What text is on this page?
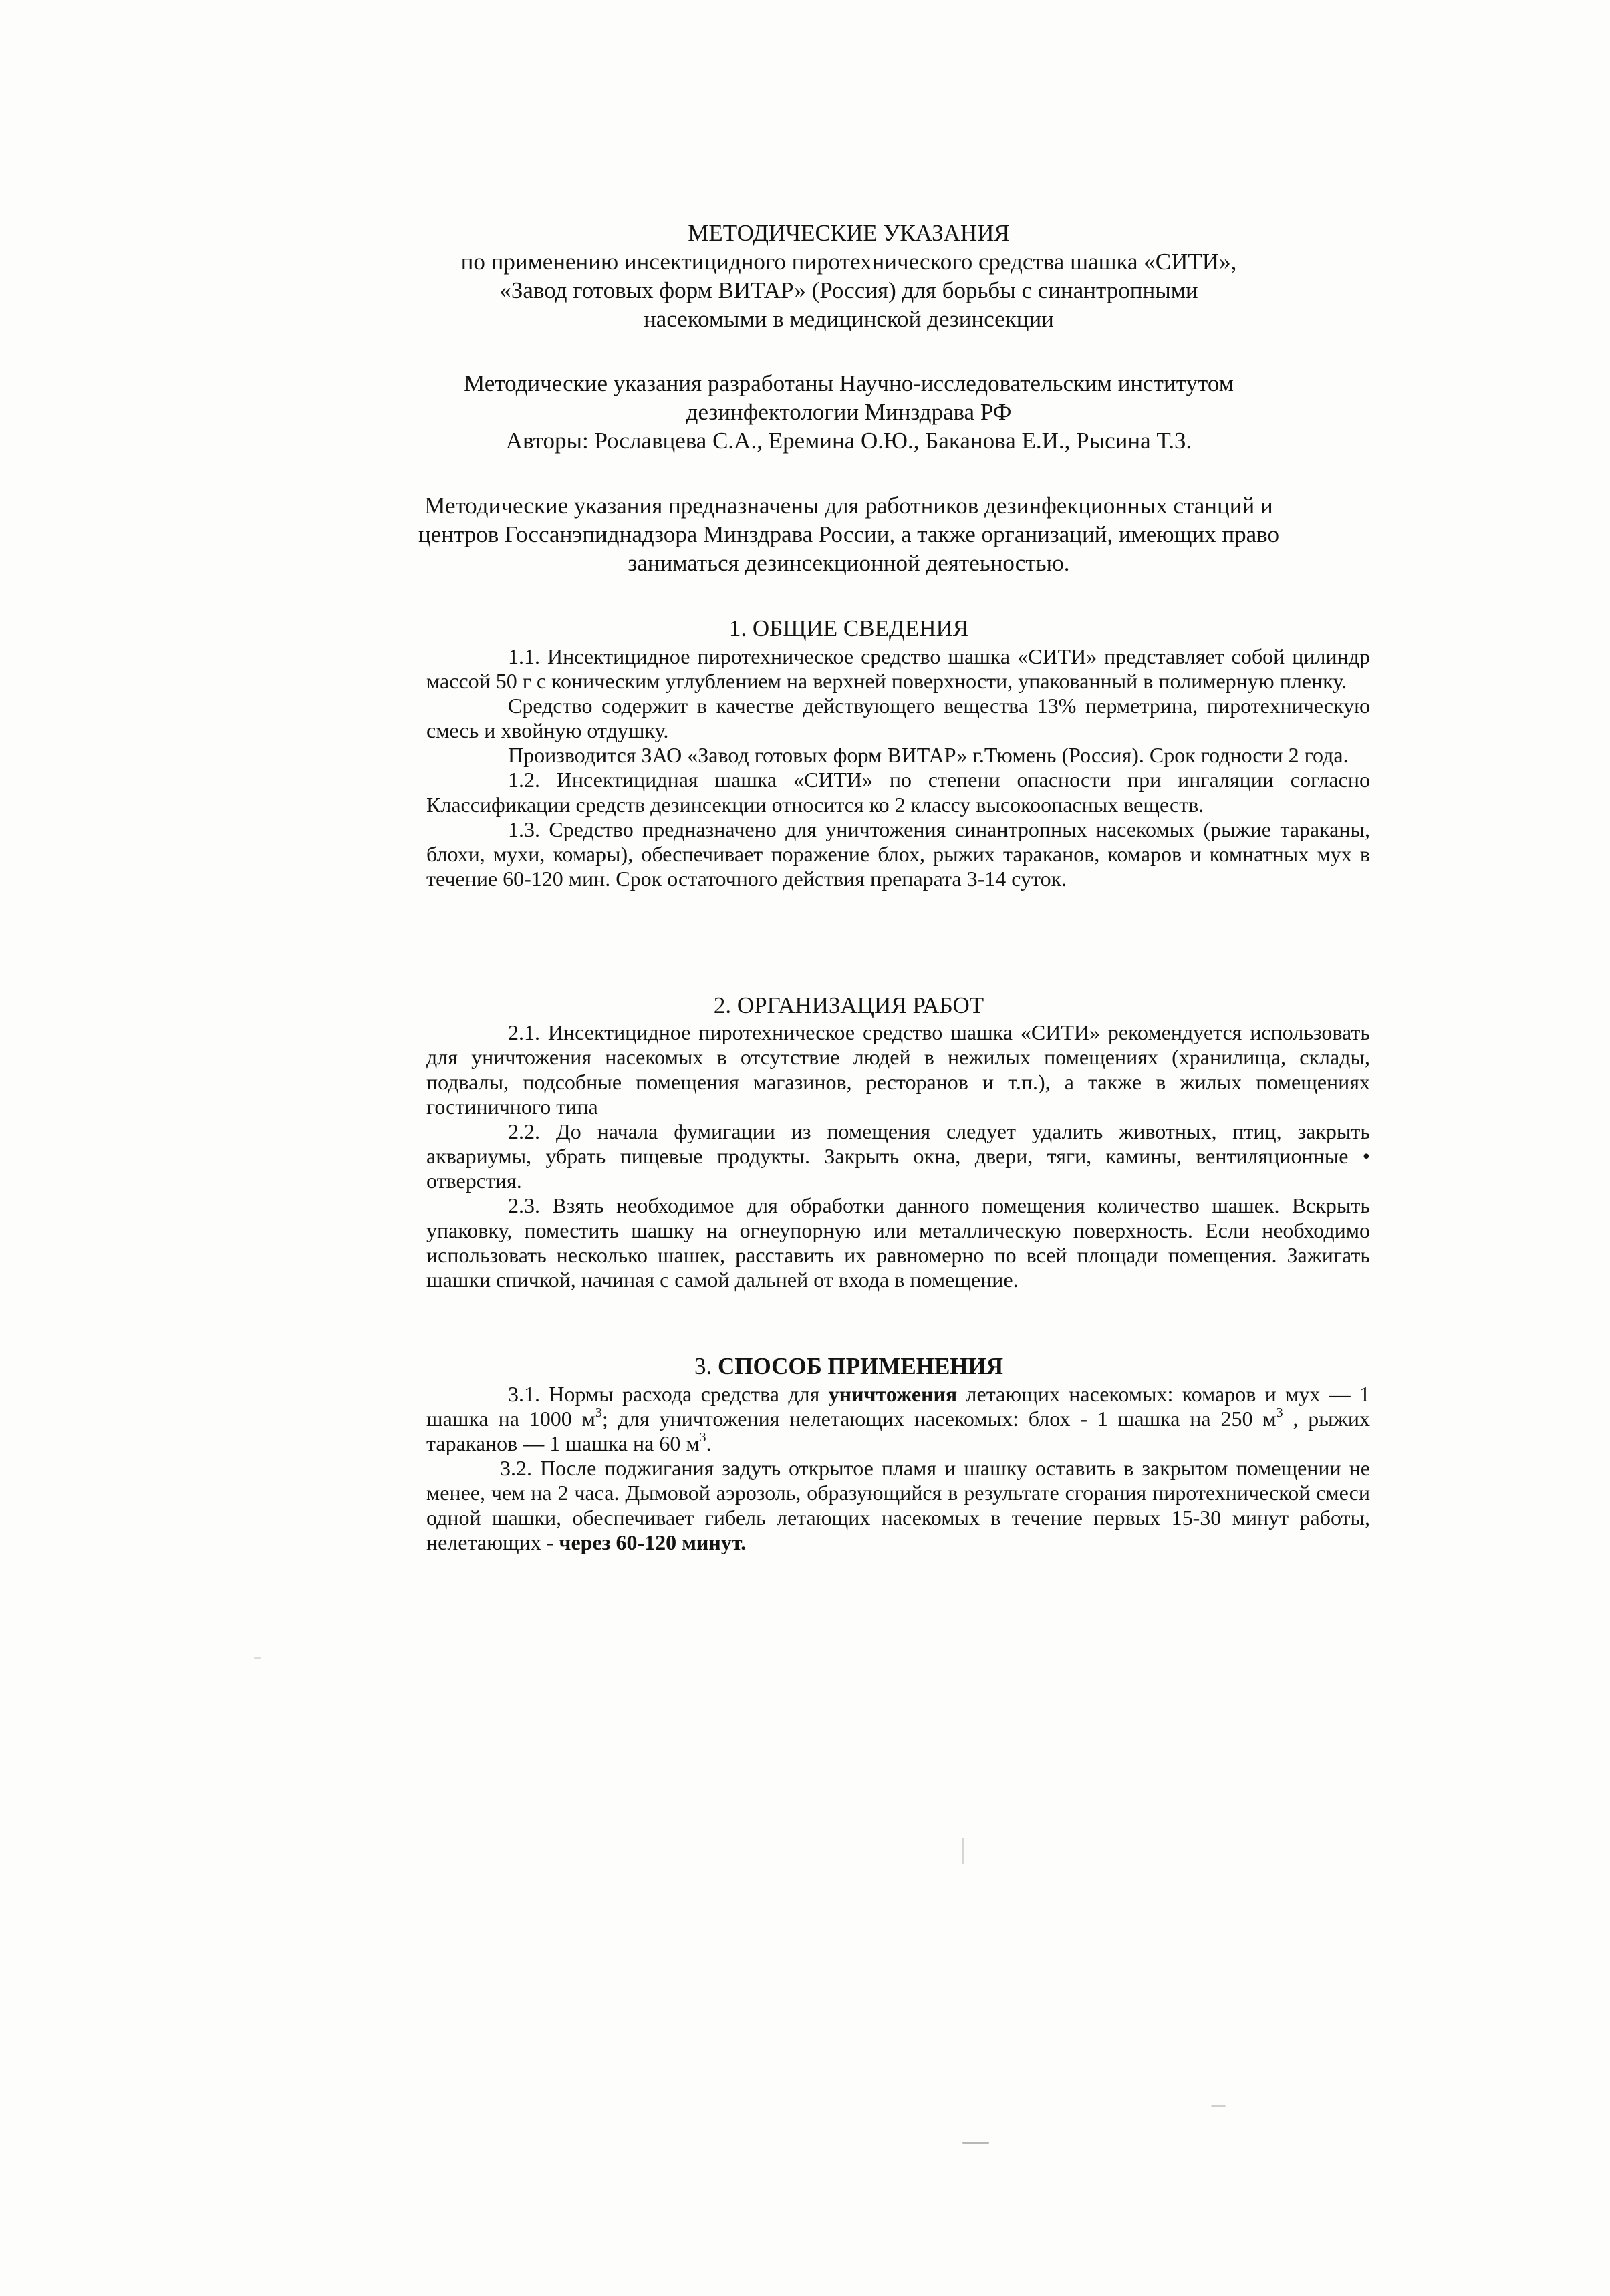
МЕТОДИЧЕСКИЕ УКАЗАНИЯ
по применению инсектицидного пиротехнического средства шашка «СИТИ»,
«Завод готовых форм ВИТАР» (Россия) для борьбы с синантропными
насекомыми в медицинской дезинсекции
Методические указания разработаны Научно-исследовательским институтом
дезинфектологии Минздрава РФ
Авторы: Рославцева С.А., Еремина О.Ю., Баканова Е.И., Рысина Т.З.
Методические указания предназначены для работников дезинфекционных станций и
центров Госсанэпиднадзора Минздрава России, а также организаций, имеющих право
заниматься дезинсекционной деятеьностью.
1. ОБЩИЕ СВЕДЕНИЯ

1.1. Инсектицидное пиротехническое средство шашка «СИТИ» представляет собой цилиндр массой 50 г с коническим углублением на верхней поверхности, упакованный в полимерную пленку.

Средство содержит в качестве действующего вещества 13% перметрина, пиротехническую смесь и хвойную отдушку.

Производится ЗАО «Завод готовых форм ВИТАР» г.Тюмень (Россия). Срок годности 2 года.

1.2. Инсектицидная шашка «СИТИ» по степени опасности при ингаляции согласно Классификации средств дезинсекции относится ко 2 классу высокоопасных веществ.

1.3. Средство предназначено для уничтожения синантропных насекомых (рыжие тараканы, блохи, мухи, комары), обеспечивает поражение блох, рыжих тараканов, комаров и комнатных мух в течение 60-120 мин. Срок остаточного действия препарата 3-14 суток.

2. ОРГАНИЗАЦИЯ РАБОТ

2.1. Инсектицидное пиротехническое средство шашка «СИТИ» рекомендуется использовать для уничтожения насекомых в отсутствие людей в нежилых помещениях (хранилища, склады, подвалы, подсобные помещения магазинов, ресторанов и т.п.), а также в жилых помещениях гостиничного типа

2.2. До начала фумигации из помещения следует удалить животных, птиц, закрыть аквариумы, убрать пищевые продукты. Закрыть окна, двери, тяги, камины, вентиляционные • отверстия.

2.3. Взять необходимое для обработки данного помещения количество шашек. Вскрыть упаковку, поместить шашку на огнеупорную или металлическую поверхность. Если необходимо использовать несколько шашек, расставить их равномерно по всей площади помещения. Зажигать шашки спичкой, начиная с самой дальней от входа в помещение.

3. СПОСОБ ПРИМЕНЕНИЯ

3.1. Нормы расхода средства для уничтожения летающих насекомых: комаров и мух — 1 шашка на 1000 $м^3$; для уничтожения нелетающих насекомых: блох - 1 шашка на 250 $м^3$ , рыжих тараканов — 1 шашка на 60 $м^3$.

3.2. После поджигания задуть открытое пламя и шашку оставить в закрытом помещении не менее, чем на 2 часа. Дымовой аэрозоль, образующийся в результате сгорания пиротехнической смеси одной шашки, обеспечивает гибель летающих насекомых в течение первых 15-30 минут работы, нелетающих - через 60-120 минут.
